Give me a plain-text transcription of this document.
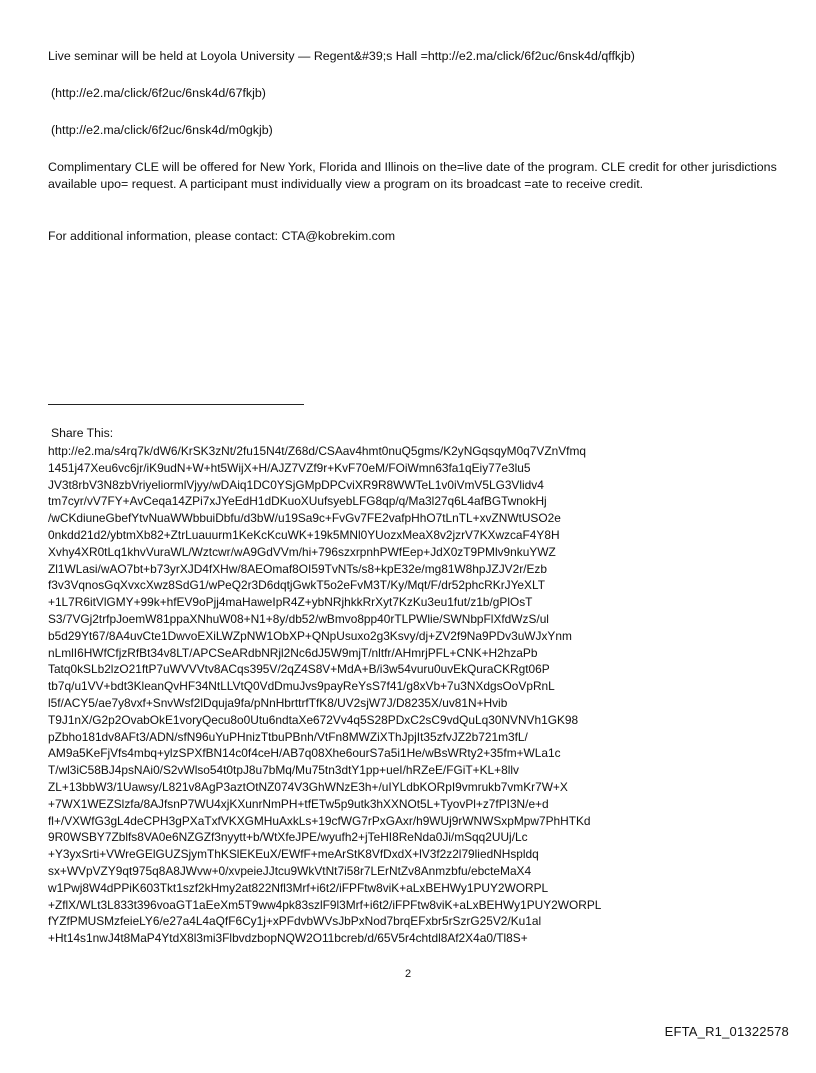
Live seminar will be held at Loyola University — Regent&#39;s Hall =http://e2.ma/click/6f2uc/6nsk4d/qffkjb)

(http://e2.ma/click/6f2uc/6nsk4d/67fkjb)

(http://e2.ma/click/6f2uc/6nsk4d/m0gkjb)

Complimentary CLE will be offered for New York, Florida and Illinois on the=live date of the program. CLE credit for other jurisdictions available upo= request. A participant must individually view a program on its broadcast =ate to receive credit.

For additional information, please contact: CTA@kobrekim.com

Share This:
http://e2.ma/s4rq7k/dW6/KrSK3zNt/2fu15N4t/Z68d/CSAav4hmt0nuQ5gms/K2yNGqsqyM0q7VZnVfmq
1451j47Xeu6vc6jr/iK9udN+W+ht5WijX+H/AJZ7VZf9r+KvF70eM/FOiWmn63fa1qEiy77e3lu5
JV3t8rbV3N8zbVriyeliormlVjyy/wDAiq1DC0YSjGMpDPCviXR9R8WWTeL1v0iVmV5LG3Vlidv4
tm7cyr/vV7FY+AvCeqa14ZPi7xJYeEdH1dDKuoXUufsyebLFG8qp/q/Ma3l27q6L4afBGTwnokHj
/wCKdiuneGbefYtvNuaWWbbuiDbfu/d3bW/u19Sa9c+FvGv7FE2vafpHhO7tLnTL+xvZNWtUSO2e
0nkdd21d2/ybtmXb82+ZtrLuauurm1KeKcKcuWK+19k5MNl0YUozxMeaX8v2jzrV7KXwzcaF4Y8H
Xvhy4XR0tLq1khvVuraWL/Wztcwr/wA9GdVVm/hi+796szxrpnhPWfEep+JdX0zT9PMlv9nkuYWZ
Zl1WLasi/wAO7bt+b73yrXJD4fXHw/8AEOmaf8OI59TvNTs/s8+kpE32e/mg81W8hpJZJV2r/Ezb
f3v3VqnosGqXvxcXwz8SdG1/wPeQ2r3D6dqtjGwkT5o2eFvM3T/Ky/Mqt/F/dr52phcRKrJYeXLT
+1L7R6itVlGMY+99k+hfEV9oPjj4maHaweIpR4Z+ybNRjhkkRrXyt7KzKu3eu1fut/z1b/gPlOsT
S3/7VGj2trfpJoemW81ppaXNhuW08+N1+8y/db52/wBmvo8pp40rTLPWlie/SWNbpFlXfdWzS/ul
b5d29Yt67/8A4uvCte1DwvoEXiLWZpNW1ObXP+QNpUsuxo2g3Ksvy/dj+ZV2f9Na9PDv3uWJxYnm
nLmlI6HWfCfjzRfBt34v8LT/APCSeARdbNRjl2Nc6dJ5W9mjT/nltfr/AHmrjPFL+CNK+H2hzaPb
Tatq0kSLb2lzO21ftP7uWVVVtv8ACqs395V/2qZ4S8V+MdA+B/i3w54vuru0uvEkQuraCKRgt06P
tb7q/u1VV+bdt3KleanQvHF34NtLLVtQ0VdDmuJvs9payReYsS7f41/g8xVb+7u3NXdgsOoVpRnL
l5f/ACY5/ae7y8vxf+SnvWsf2lDquja9fa/pNnHbrttrfTfK8/UV2sjW7J/D8235X/uv81N+Hvib
T9J1nX/G2p2OvabOkE1voryQecu8o0Utu6ndtaXe672Vv4q5S28PDxC2sC9vdQuLq30NVNVh1GK98
pZbho181dv8AFt3/ADN/sfN96uYuPHnizTtbuPBnh/VtFn8MWZiXThJpjIt35zfvJZ2b721m3fL/
AM9a5KeFjVfs4mbq+ylzSPXfBN14c0f4ceH/AB7q08Xhe6ourS7a5i1He/wBsWRty2+35fm+WLa1c
T/wl3iC58BJ4psNAi0/S2vWlso54t0tpJ8u7bMq/Mu75tn3dtY1pp+ueI/hRZeE/FGiT+KL+8llv
ZL+13bbW3/1Uawsy/L821v8AgP3aztOtNZ074V3GhWNzE3h+/uIYLdbKORpI9vmrukb7vmKr7W+X
+7WX1WEZSlzfa/8AJfsnP7WU4xjKXunrNmPH+tfETw5p9utk3hXXNOt5L+TyovPl+z7fPI3N/e+d
fl+/VXWfG3gL4deCPH3gPXaTxfVKXGMHuAxkLs+19cfWG7rPxGAxr/h9WUj9rWNWSxpMpw7PhHTKd
9R0WSBY7Zblfs8VA0e6NZGZf3nyytt+b/WtXfeJPE/wyufh2+jTeHI8ReNda0Ji/mSqq2UUj/Lc
+Y3yxSrti+VWreGElGUZSjymThKSlEKEuX/EWfF+meArStK8VfDxdX+lV3f2z2l79liedNHspldq
sx+WVpVZY9qt975q8A8JWvw+0/xvpeieJJtcu9WkVtNt7i58r7LErNtZv8Anmzbfu/ebcteMaX4
w1Pwj8W4dPPiK603Tkt1szf2kHmy2at822Nfl3Mrf+i6t2/iFPFtw8viK+aLxBEHWy1PUY2WORPL
+ZflX/WLt3L833t396voaGT1aEeXm5T9ww4pk83szlF9l3Mrf+i6t2/iFPFtw8viK+aLxBEHWy1PUY2WORPL
fYZfPMUSMzfeieLY6/e27a4L4aQfF6Cy1j+xPFdvbWVsJbPxNod7brqEFxbr5rSzrG25V2/Ku1al
+Ht14s1nwJ4t8MaP4YtdX8l3mi3FlbvdzbopNQW2O11bcreb/d/65V5r4chtdl8Af2X4a0/Tl8S+
2
EFTA_R1_01322578
